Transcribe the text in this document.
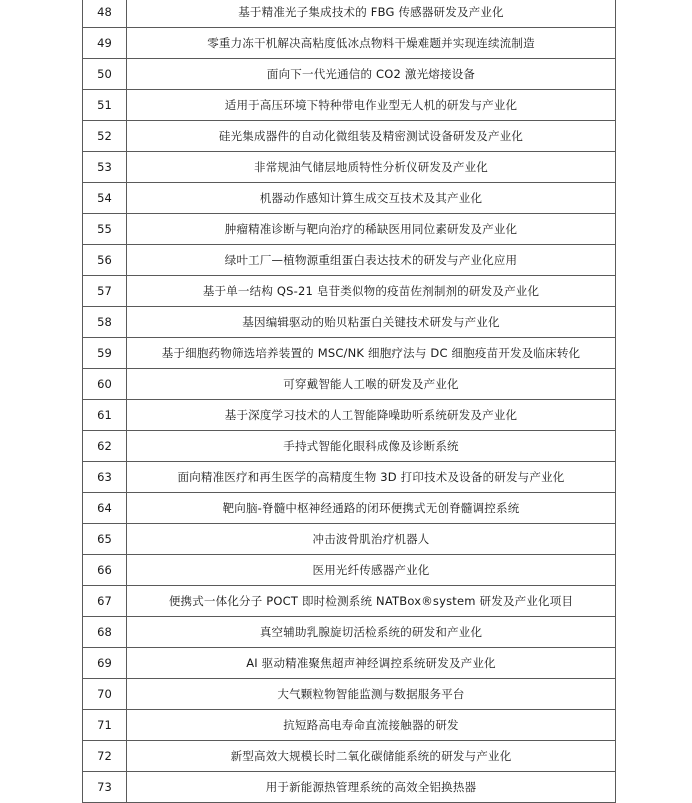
48	基于精准光子集成技术的 FBG 传感器研发及产业化
49	零重力冻干机解决高粘度低冰点物料干燥难题并实现连续流制造
50	面向下一代光通信的 CO2 激光熔接设备
51	适用于高压环境下特种带电作业型无人机的研发与产业化
52	硅光集成器件的自动化微组装及精密测试设备研发及产业化
53	非常规油气储层地质特性分析仪研发及产业化
54	机器动作感知计算生成交互技术及其产业化
55	肿瘤精准诊断与靶向治疗的稀缺医用同位素研发及产业化
56	绿叶工厂—植物源重组蛋白表达技术的研发与产业化应用
57	基于单一结构 QS-21 皂苷类似物的疫苗佐剂制剂的研发及产业化
58	基因编辑驱动的贻贝粘蛋白关键技术研发与产业化
59	基于细胞药物筛选培养装置的 MSC/NK 细胞疗法与 DC 细胞疫苗开发及临床转化
60	可穿戴智能人工喉的研发及产业化
61	基于深度学习技术的人工智能降噪助听系统研发及产业化
62	手持式智能化眼科成像及诊断系统
63	面向精准医疗和再生医学的高精度生物 3D 打印技术及设备的研发与产业化
64	靶向脑-脊髓中枢神经通路的闭环便携式无创脊髓调控系统
65	冲击波骨肌治疗机器人
66	医用光纤传感器产业化
67	便携式一体化分子 POCT 即时检测系统 NATBox®system 研发及产业化项目
68	真空辅助乳腺旋切活检系统的研发和产业化
69	AI 驱动精准聚焦超声神经调控系统研发及产业化
70	大气颗粒物智能监测与数据服务平台
71	抗短路高电寿命直流接触器的研发
72	新型高效大规模长时二氧化碳储能系统的研发与产业化
73	用于新能源热管理系统的高效全铝换热器
